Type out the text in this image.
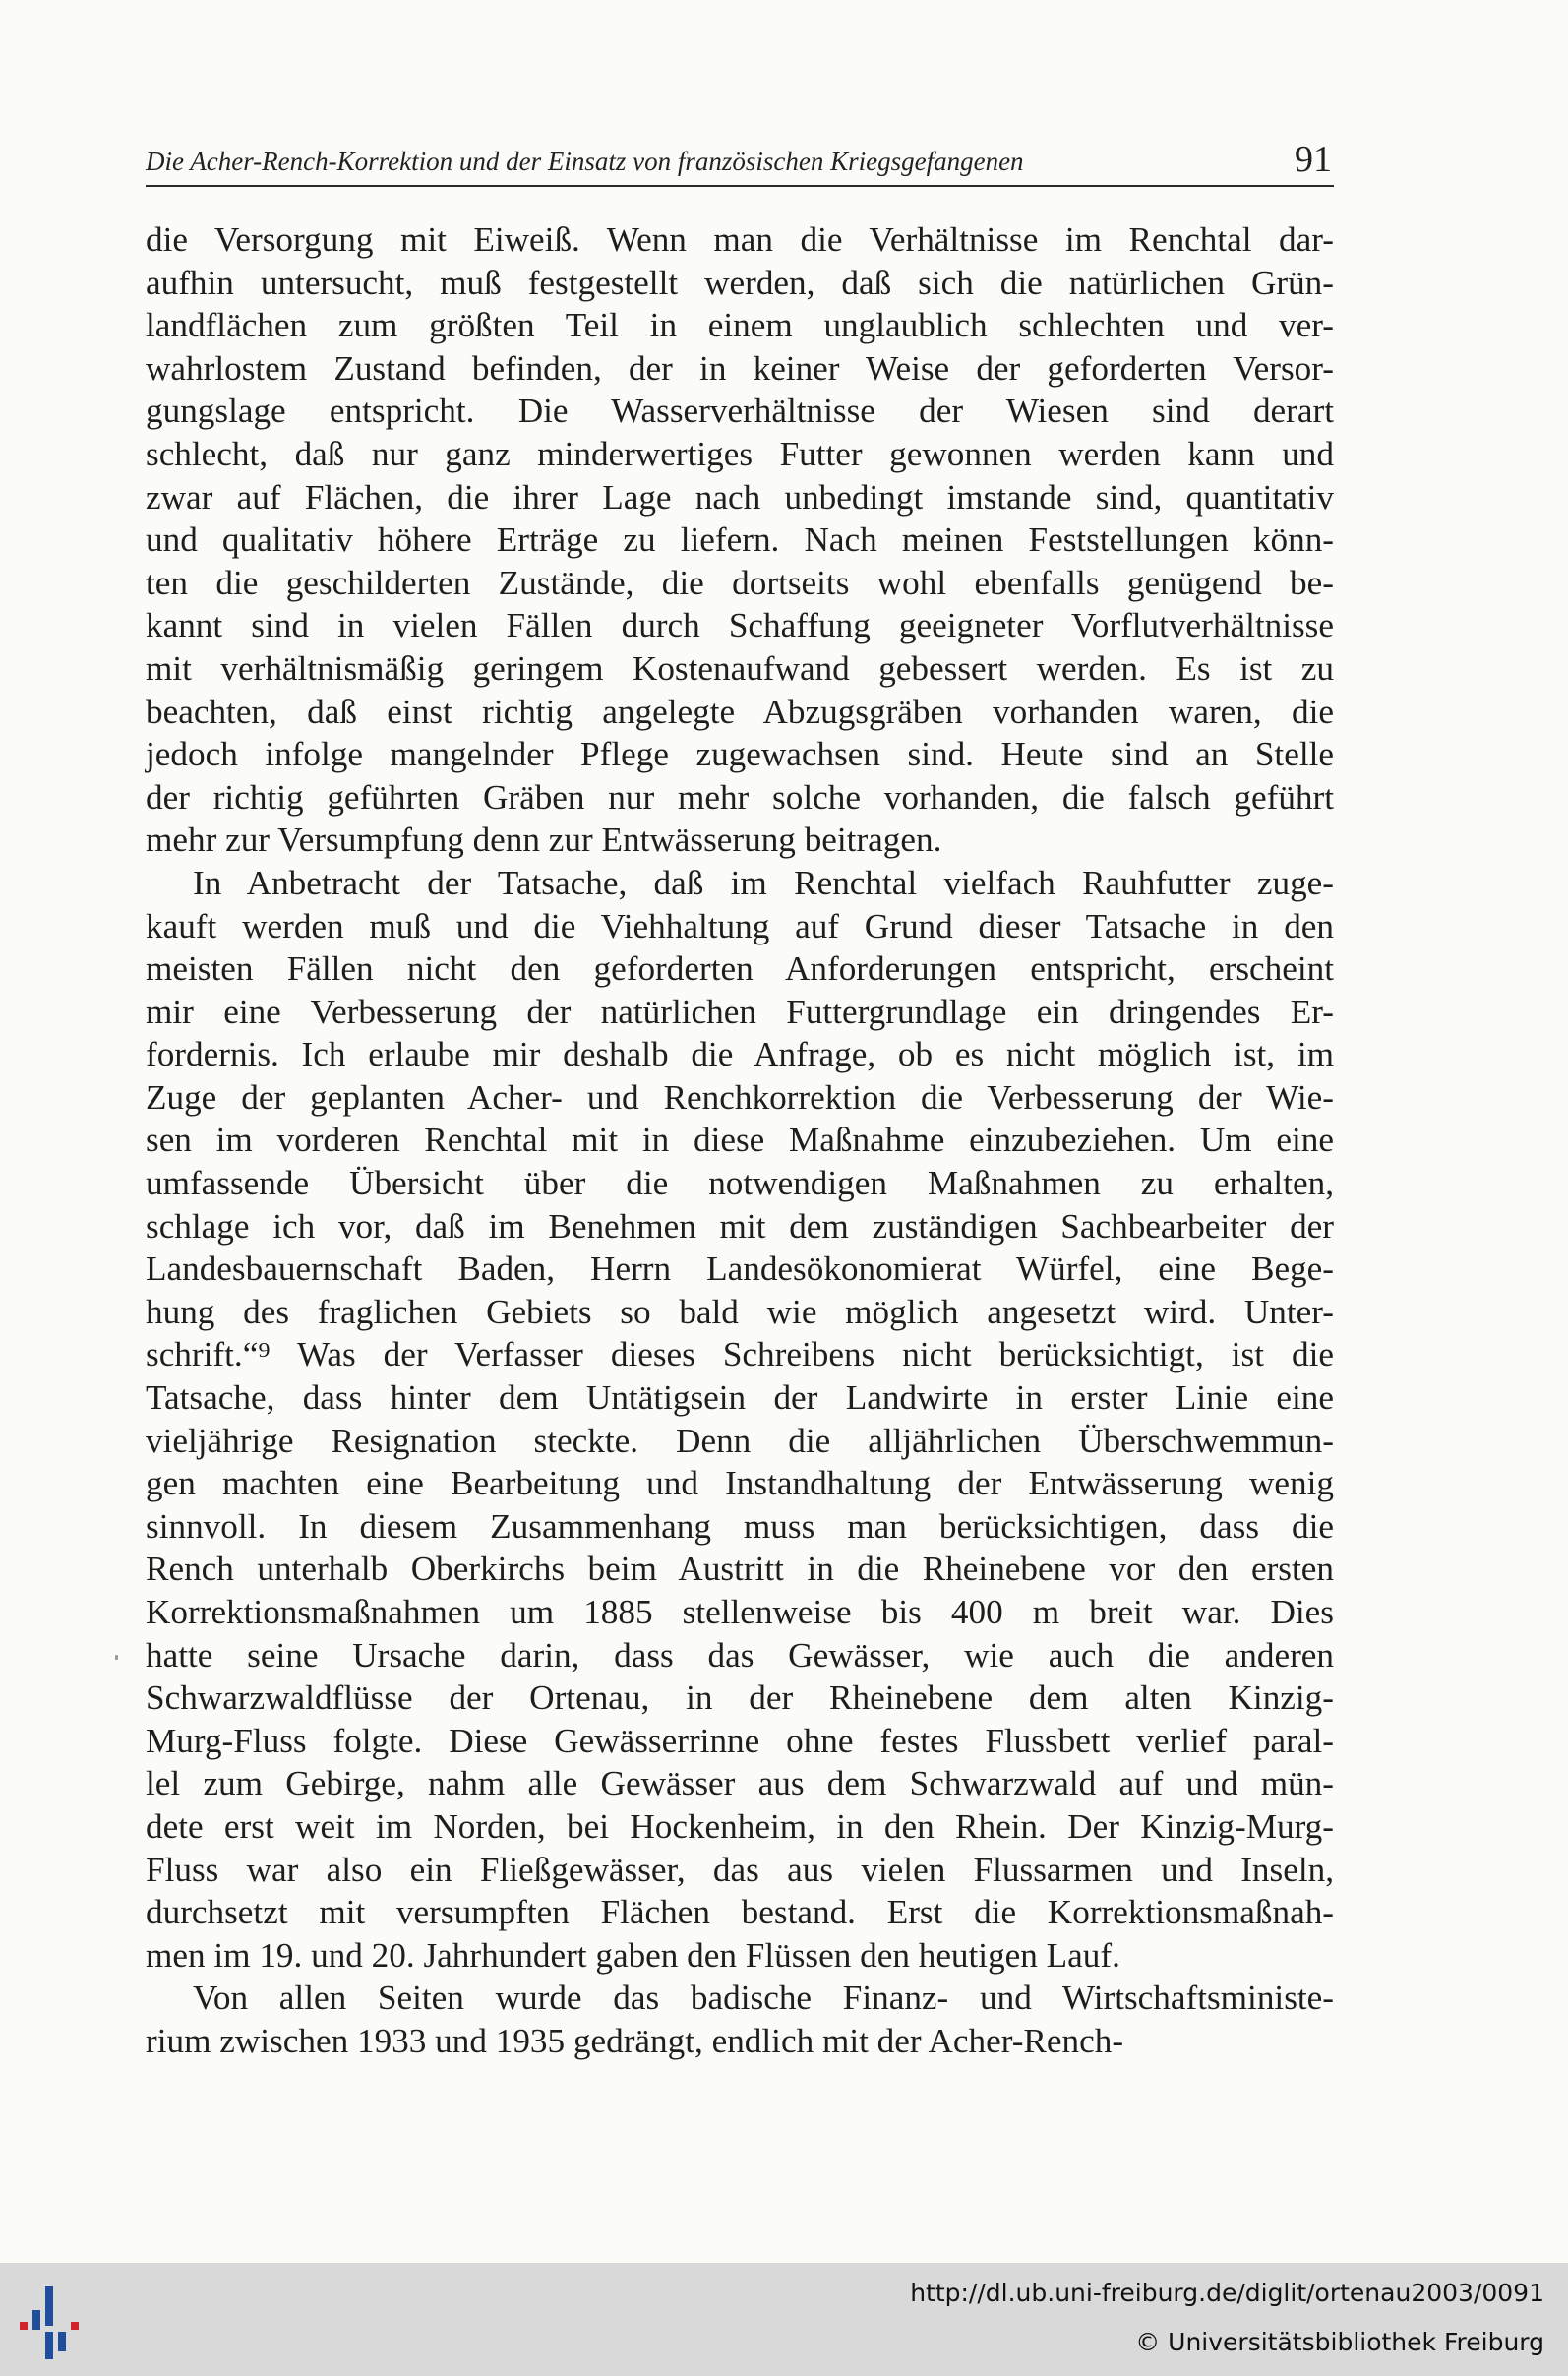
Die Acher-Rench-Korrektion und der Einsatz von französischen Kriegsgefangenen	91
die Versorgung mit Eiweiß. Wenn man die Verhältnisse im Renchtal dar-
aufhin untersucht, muß festgestellt werden, daß sich die natürlichen Grün-
landflächen zum größten Teil in einem unglaublich schlechten und ver-
wahrlostem Zustand befinden, der in keiner Weise der geforderten Versor-
gungslage entspricht. Die Wasserverhältnisse der Wiesen sind derart
schlecht, daß nur ganz minderwertiges Futter gewonnen werden kann und
zwar auf Flächen, die ihrer Lage nach unbedingt imstande sind, quantitativ
und qualitativ höhere Erträge zu liefern. Nach meinen Feststellungen könn-
ten die geschilderten Zustände, die dortseits wohl ebenfalls genügend be-
kannt sind in vielen Fällen durch Schaffung geeigneter Vorflutverhältnisse
mit verhältnismäßig geringem Kostenaufwand gebessert werden. Es ist zu
beachten, daß einst richtig angelegte Abzugsgräben vorhanden waren, die
jedoch infolge mangelnder Pflege zugewachsen sind. Heute sind an Stelle
der richtig geführten Gräben nur mehr solche vorhanden, die falsch geführt
mehr zur Versumpfung denn zur Entwässerung beitragen.
In Anbetracht der Tatsache, daß im Renchtal vielfach Rauhfutter zuge-
kauft werden muß und die Viehhaltung auf Grund dieser Tatsache in den
meisten Fällen nicht den geforderten Anforderungen entspricht, erscheint
mir eine Verbesserung der natürlichen Futtergrundlage ein dringendes Er-
fordernis. Ich erlaube mir deshalb die Anfrage, ob es nicht möglich ist, im
Zuge der geplanten Acher- und Renchkorrektion die Verbesserung der Wie-
sen im vorderen Renchtal mit in diese Maßnahme einzubeziehen. Um eine
umfassende Übersicht über die notwendigen Maßnahmen zu erhalten,
schlage ich vor, daß im Benehmen mit dem zuständigen Sachbearbeiter der
Landesbauernschaft Baden, Herrn Landesökonomierat Würfel, eine Bege-
hung des fraglichen Gebiets so bald wie möglich angesetzt wird. Unter-
schrift.“⁹ Was der Verfasser dieses Schreibens nicht berücksichtigt, ist die
Tatsache, dass hinter dem Untätigsein der Landwirte in erster Linie eine
vieljährige Resignation steckte. Denn die alljährlichen Überschwemmun-
gen machten eine Bearbeitung und Instandhaltung der Entwässerung wenig
sinnvoll. In diesem Zusammenhang muss man berücksichtigen, dass die
Rench unterhalb Oberkirchs beim Austritt in die Rheinebene vor den ersten
Korrektionsmaßnahmen um 1885 stellenweise bis 400 m breit war. Dies
hatte seine Ursache darin, dass das Gewässer, wie auch die anderen
Schwarzwaldflüsse der Ortenau, in der Rheinebene dem alten Kinzig-
Murg-Fluss folgte. Diese Gewässerrinne ohne festes Flussbett verlief paral-
lel zum Gebirge, nahm alle Gewässer aus dem Schwarzwald auf und mün-
dete erst weit im Norden, bei Hockenheim, in den Rhein. Der Kinzig-Murg-
Fluss war also ein Fließgewässer, das aus vielen Flussarmen und Inseln,
durchsetzt mit versumpften Flächen bestand. Erst die Korrektionsmaßnah-
men im 19. und 20. Jahrhundert gaben den Flüssen den heutigen Lauf.
Von allen Seiten wurde das badische Finanz- und Wirtschaftsministe-
rium zwischen 1933 und 1935 gedrängt, endlich mit der Acher-Rench-
http://dl.ub.uni-freiburg.de/diglit/ortenau2003/0091
© Universitätsbibliothek Freiburg
